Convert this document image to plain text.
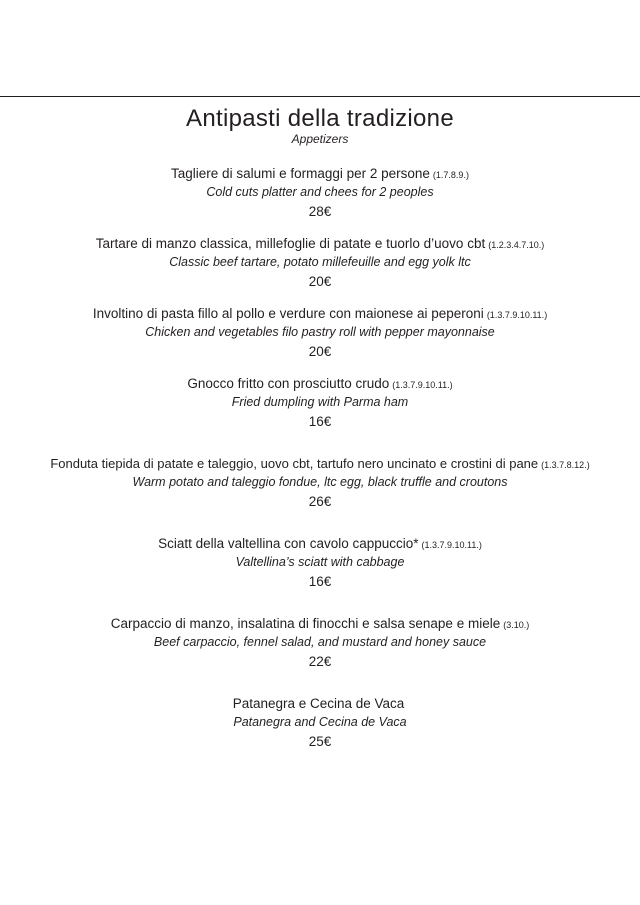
Antipasti della tradizione
Appetizers
Tagliere di salumi e formaggi per 2 persone (1.7.8.9.)
Cold cuts platter and chees for 2 peoples
28€
Tartare di manzo classica, millefoglie di patate e tuorlo d’uovo cbt (1.2.3.4.7.10.)
Classic beef tartare, potato millefeuille and egg yolk ltc
20€
Involtino di pasta fillo al pollo e verdure con maionese ai peperoni (1.3.7.9.10.11.)
Chicken and vegetables filo pastry roll with pepper mayonnaise
20€
Gnocco fritto con prosciutto crudo (1.3.7.9.10.11.)
Fried dumpling with Parma ham
16€
Fonduta tiepida di patate e taleggio, uovo cbt, tartufo nero uncinato e crostini di pane (1.3.7.8.12.)
Warm potato and taleggio fondue, ltc egg, black truffle and croutons
26€
Sciatt della valtellina con cavolo cappuccio* (1.3.7.9.10.11.)
Valtellina’s sciatt with cabbage
16€
Carpaccio di manzo, insalatina di finocchi e salsa senape e miele (3.10.)
Beef carpaccio, fennel salad, and mustard and honey sauce
22€
Patanegra e Cecina de Vaca
Patanegra and Cecina de Vaca
25€
